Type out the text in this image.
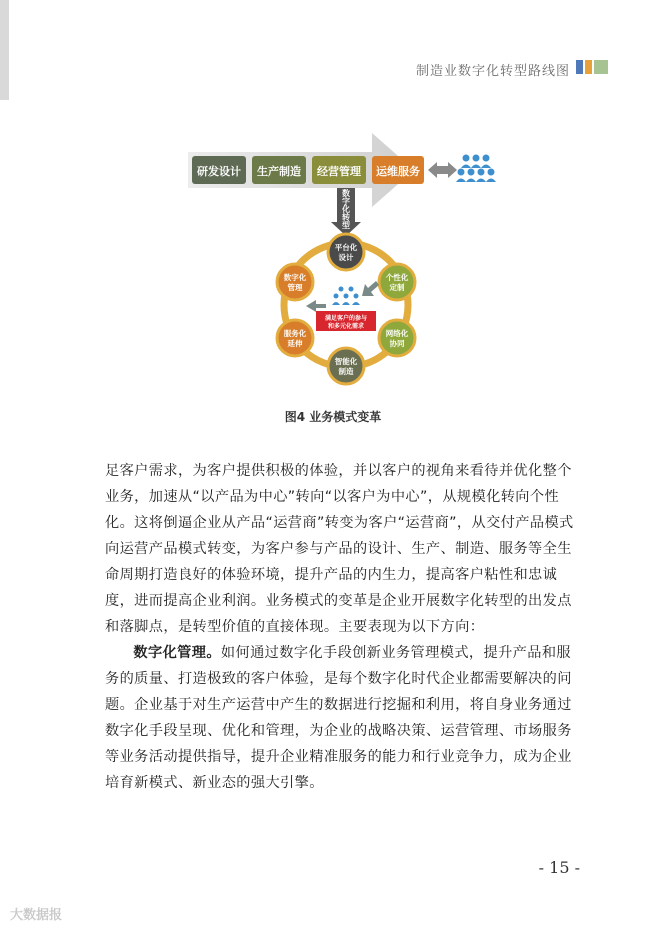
制造业数字化转型路线图
研发设计 生产制造 经营管理 运维服务
数
字
化
转
型
平台化
设计
个性化
定制
网络化
协同
智能化
制造
服务化
延伸
数字化
管理
满足客户的参与
和多元化需求
图4 业务模式变革

足客户需求，为客户提供积极的体验，并以客户的视角来看待并优化整个业务，加速从“以产品为中心”转向“以客户为中心”，从规模化转向个性化。这将倒逼企业从产品“运营商”转变为客户“运营商”，从交付产品模式向运营产品模式转变，为客户参与产品的设计、生产、制造、服务等全生命周期打造良好的体验环境，提升产品的内生力，提高客户粘性和忠诚度，进而提高企业利润。业务模式的变革是企业开展数字化转型的出发点和落脚点，是转型价值的直接体现。主要表现为以下方向：

数字化管理。如何通过数字化手段创新业务管理模式，提升产品和服务的质量、打造极致的客户体验，是每个数字化时代企业都需要解决的问题。企业基于对生产运营中产生的数据进行挖掘和利用，将自身业务通过数字化手段呈现、优化和管理，为企业的战略决策、运营管理、市场服务等业务活动提供指导，提升企业精准服务的能力和行业竞争力，成为企业培育新模式、新业态的强大引擎。

- 15 -
大数据报
